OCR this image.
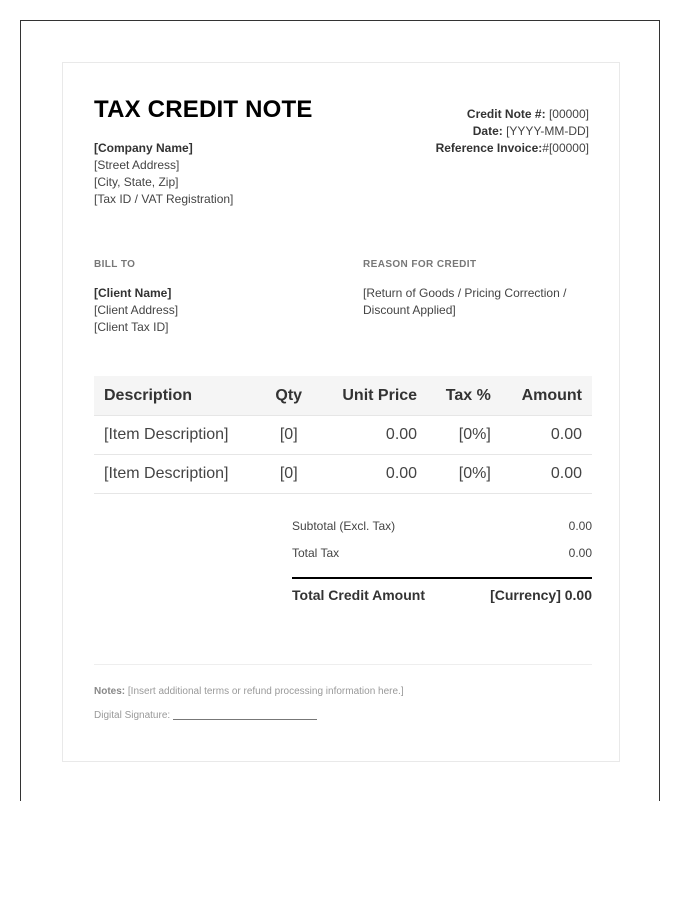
TAX CREDIT NOTE
[Company Name]
[Street Address]
[City, State, Zip]
[Tax ID / VAT Registration]
Credit Note #: [00000]
Date: [YYYY-MM-DD]
Reference Invoice:#[00000]
BILL TO	REASON FOR CREDIT
[Client Name]
[Client Address]
[Client Tax ID]
[Return of Goods / Pricing Correction / Discount Applied]
Description	Qty	Unit Price	Tax %	Amount
[Item Description]	[0]	0.00	[0%]	0.00
[Item Description]	[0]	0.00	[0%]	0.00
Subtotal (Excl. Tax)	0.00
Total Tax	0.00
Total Credit Amount	[Currency] 0.00
Notes: [Insert additional terms or refund processing information here.]
Digital Signature:
